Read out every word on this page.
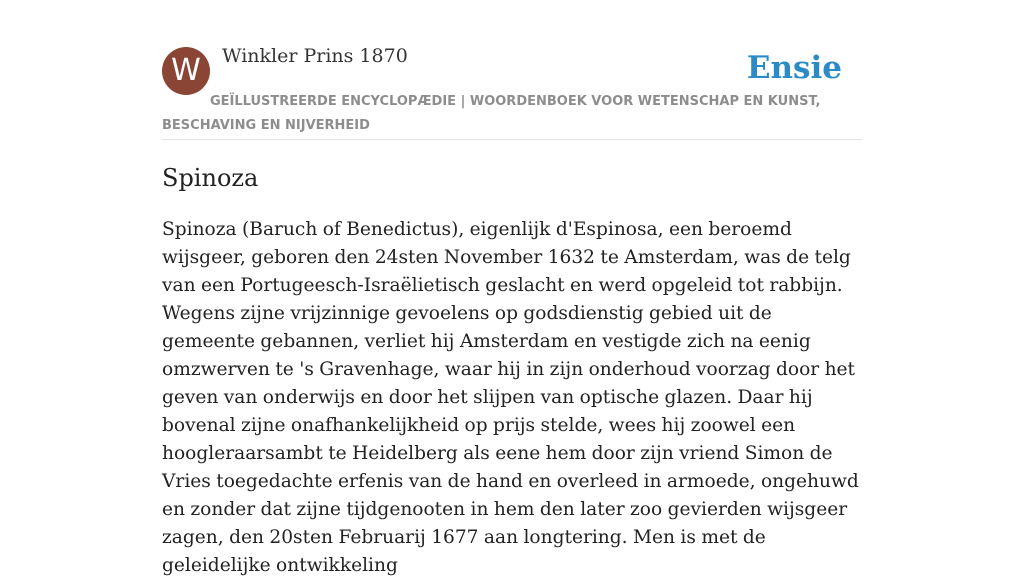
W	Winkler Prins 1870	Ensie
GEÏLLUSTREERDE ENCYCLOPÆDIE | WOORDENBOEK VOOR WETENSCHAP EN KUNST, BESCHAVING EN NIJVERHEID
Spinoza

Spinoza (Baruch of Benedictus), eigenlijk d'Espinosa, een beroemd wijsgeer, geboren den 24sten November 1632 te Amsterdam, was de telg van een Portugeesch-Israëlietisch geslacht en werd opgeleid tot rabbijn. Wegens zijne vrijzinnige gevoelens op godsdienstig gebied uit de gemeente gebannen, verliet hij Amsterdam en vestigde zich na eenig omzwerven te 's Gravenhage, waar hij in zijn onderhoud voorzag door het geven van onderwijs en door het slijpen van optische glazen. Daar hij bovenal zijne onafhankelijkheid op prijs stelde, wees hij zoowel een hoogleraarsambt te Heidelberg als eene hem door zijn vriend Simon de Vries toegedachte erfenis van de hand en overleed in armoede, ongehuwd en zonder dat zijne tijdgenooten in hem den later zoo gevierden wijsgeer zagen, den 20sten Februarij 1677 aan longtering. Men is met de geleidelijke ontwikkeling
